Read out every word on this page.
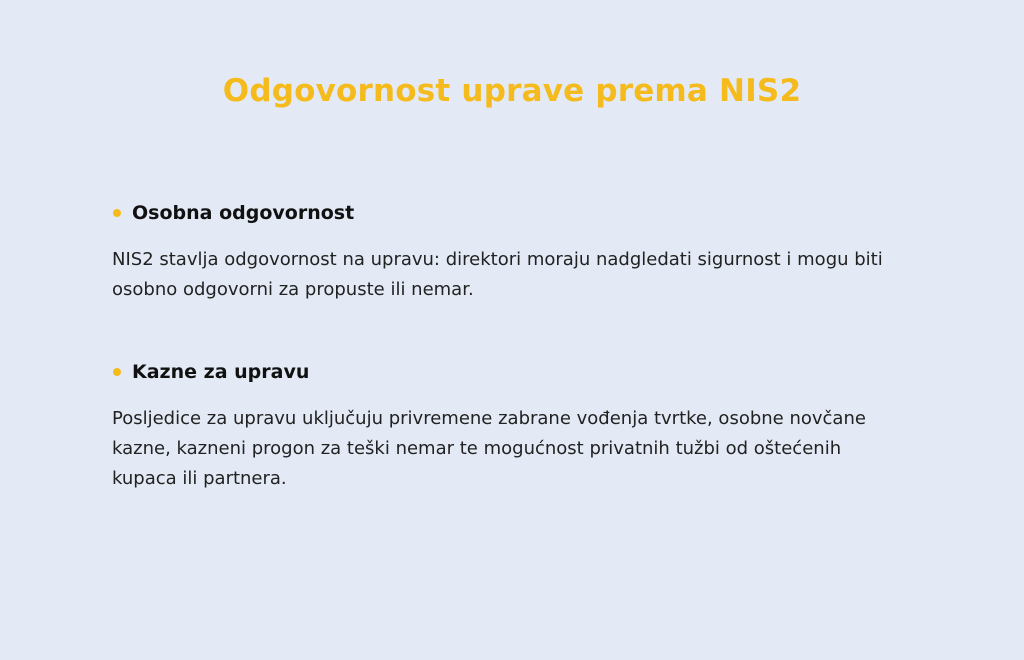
Odgovornost uprave prema NIS2
Osobna odgovornost

NIS2 stavlja odgovornost na upravu: direktori moraju nadgledati sigurnost i mogu biti osobno odgovorni za propuste ili nemar.

Kazne za upravu

Posljedice za upravu uključuju privremene zabrane vođenja tvrtke, osobne novčane kazne, kazneni progon za teški nemar te mogućnost privatnih tužbi od oštećenih kupaca ili partnera.
